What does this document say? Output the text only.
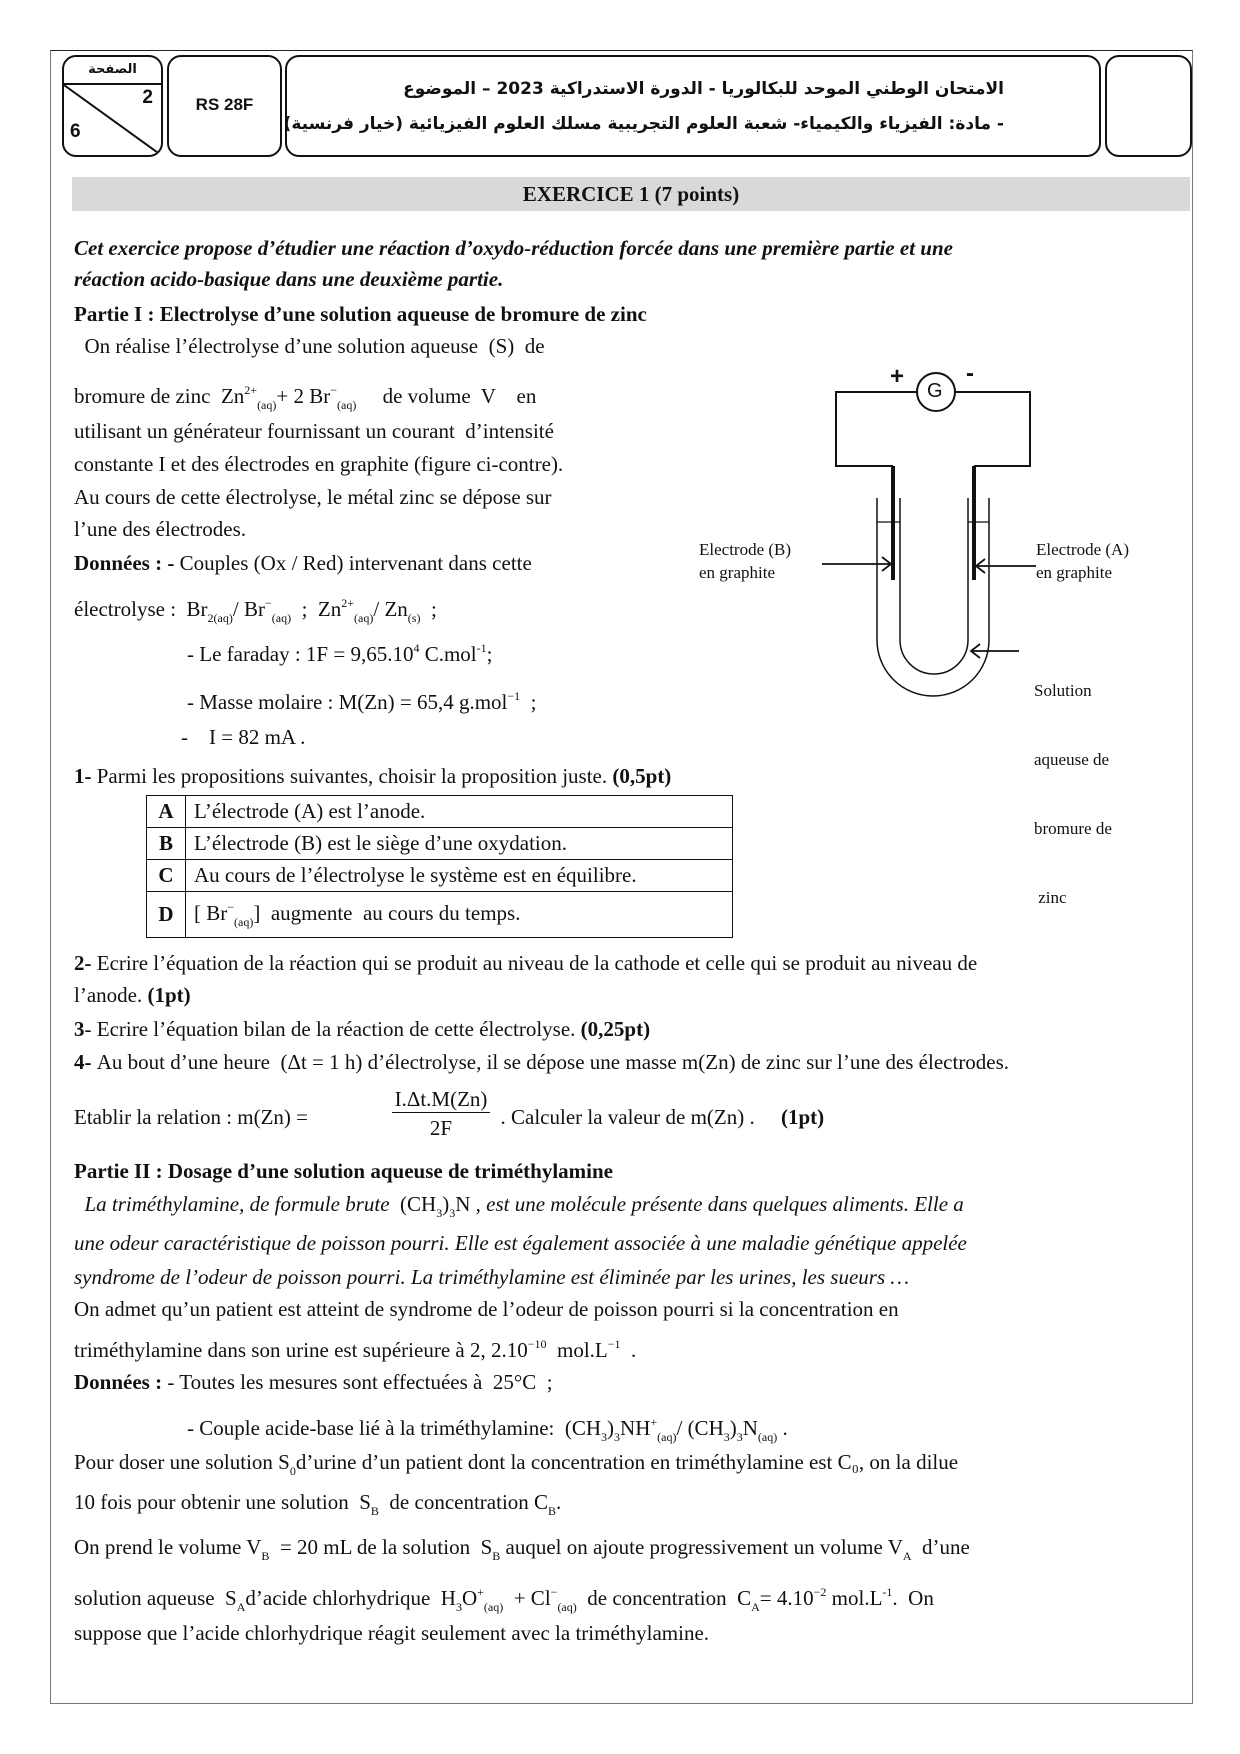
الصفحة
2
6
RS 28F
الامتحان الوطني الموحد للبكالوريا - الدورة الاستدراكية 2023 – الموضوع
- مادة: الفيزياء والكيمياء- شعبة العلوم التجريبية مسلك العلوم الفيزيائية (خيار فرنسية)
EXERCICE 1 (7 points)
Cet exercice propose d’étudier une réaction d’oxydo-réduction forcée dans une première partie et une
réaction acido-basique dans une deuxième partie.
Partie I : Electrolyse d’une solution aqueuse de bromure de zinc
On réalise l’électrolyse d’une solution aqueuse  (S)  de
bromure de zinc  $Zn^{2+}_{(aq)}+ 2$ $Br^-_{(aq)}$     de volume  V    en
utilisant un générateur fournissant un courant  d’intensité
constante I et des électrodes en graphite (figure ci-contre).
Au cours de cette électrolyse, le métal zinc se dépose sur
l’une des électrodes.
Données : - Couples (Ox / Red) intervenant dans cette
électrolyse :  $Br_{2(aq)}/$ $Br^-_{(aq)}$  ;  $Zn^{2+}_{(aq)}/$ $Zn_{(s)}$  ;
- Le faraday : $1F = 9,65.10^4$ C.mol$^{-1}$;
- Masse molaire : M(Zn) = 65,4 g.mol$^{-1}$  ;
-    I = 82 mA .
1- Parmi les propositions suivantes, choisir la proposition juste. (0,5pt)
A	L’électrode (A) est l’anode.
B	L’électrode (B) est le siège d’une oxydation.
C	Au cours de l’électrolyse le système est en équilibre.
D	[ $Br^-_{(aq)}$]  augmente  au cours du temps.
2- Ecrire l’équation de la réaction qui se produit au niveau de la cathode et celle qui se produit au niveau de
l’anode. (1pt)
3- Ecrire l’équation bilan de la réaction de cette électrolyse. (0,25pt)
4- Au bout d’une heure  (Δt = 1 h) d’électrolyse, il se dépose une masse m(Zn) de zinc sur l’une des électrodes.
Etablir la relation : m(Zn) =	$\frac{I.\Delta t.M(Zn)}{2F}$ . Calculer la valeur de m(Zn) .     (1pt)
Partie II : Dosage d’une solution aqueuse de triméthylamine
La triméthylamine, de formule brute  $(CH_3)_3N$ , est une molécule présente dans quelques aliments. Elle a
une odeur caractéristique de poisson pourri. Elle est également associée à une maladie génétique appelée
syndrome de l’odeur de poisson pourri. La triméthylamine est éliminée par les urines, les sueurs …
On admet qu’un patient est atteint de syndrome de l’odeur de poisson pourri si la concentration en
triméthylamine dans son urine est supérieure à 2, $2.10^{-10}$  $mol.L^{-1}$  .
Données : - Toutes les mesures sont effectuées à  25°C  ;
- Couple acide-base lié à la triméthylamine:  $(CH_3)_3NH^+_{(aq)}/$ $(CH_3)_3N_{(aq)}$ .
Pour doser une solution $S_0d’urine$ d’un patient dont la concentration en triméthylamine est C₀, on la dilue
10 fois pour obtenir une solution  $S_B$  de concentration $C_B$.
On prend le volume $V_B = 20$ mL de la solution  $S_B$ auquel on ajoute progressivement un volume $V_A$  d’une
solution aqueuse  $S_Ad’acide$ chlorhydrique  $H_3O^+_{(aq)} + Cl^-_{(aq)}$  de concentration  $C_A= 4.10^{-2}$ $mol.L^{-1}$.  On
suppose que l’acide chlorhydrique réagit seulement avec la triméthylamine.
G
+	-
Electrode (B)
en graphite
Electrode (A)
en graphite

Solution

aqueuse de

bromure de

zinc
